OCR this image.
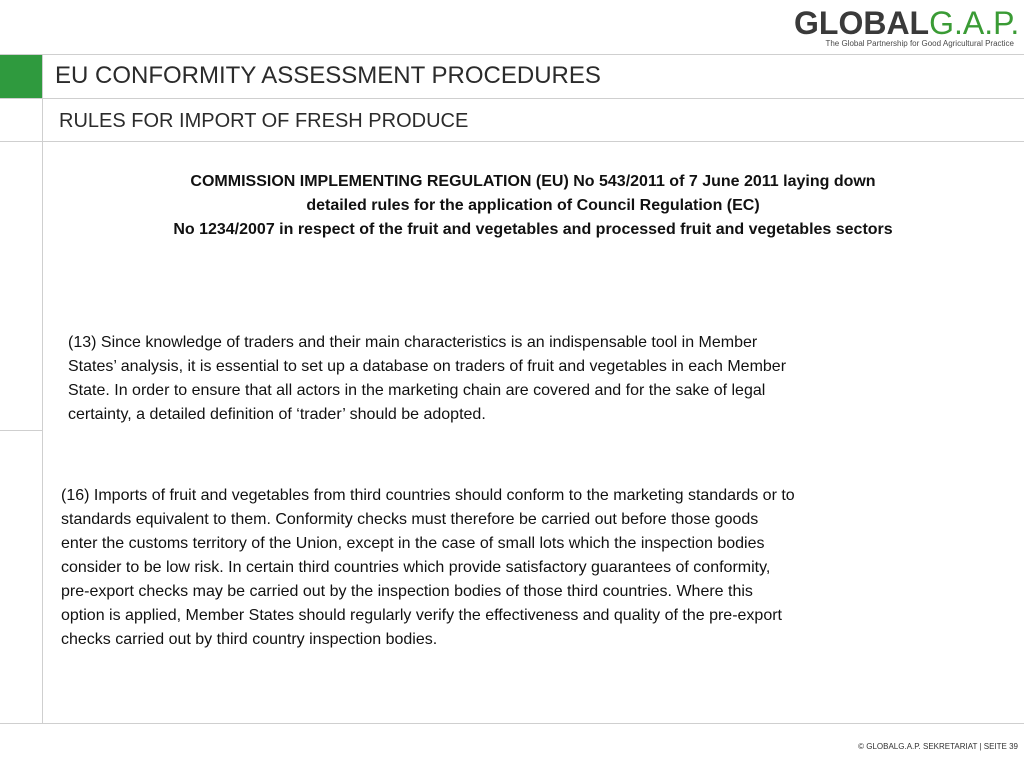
GLOBALG.A.P.
The Global Partnership for Good Agricultural Practice
EU CONFORMITY ASSESSMENT PROCEDURES
RULES FOR IMPORT OF FRESH PRODUCE
COMMISSION IMPLEMENTING REGULATION (EU) No 543/2011 of 7 June 2011 laying down
detailed rules for the application of Council Regulation (EC)
No 1234/2007 in respect of the fruit and vegetables and processed fruit and vegetables sectors
(13) Since knowledge of traders and their main characteristics is an indispensable tool in Member
States’ analysis, it is essential to set up a database on traders of fruit and vegetables in each Member
State. In order to ensure that all actors in the marketing chain are covered and for the sake of legal
certainty, a detailed definition of ‘trader’ should be adopted.
(16) Imports of fruit and vegetables from third countries should conform to the marketing standards or to
standards equivalent to them. Conformity checks must therefore be carried out before those goods
enter the customs territory of the Union, except in the case of small lots which the inspection bodies
consider to be low risk. In certain third countries which provide satisfactory guarantees of conformity,
pre-export checks may be carried out by the inspection bodies of those third countries. Where this
option is applied, Member States should regularly verify the effectiveness and quality of the pre-export
checks carried out by third country inspection bodies.
© GLOBALG.A.P. SEKRETARIAT | SEITE 39
